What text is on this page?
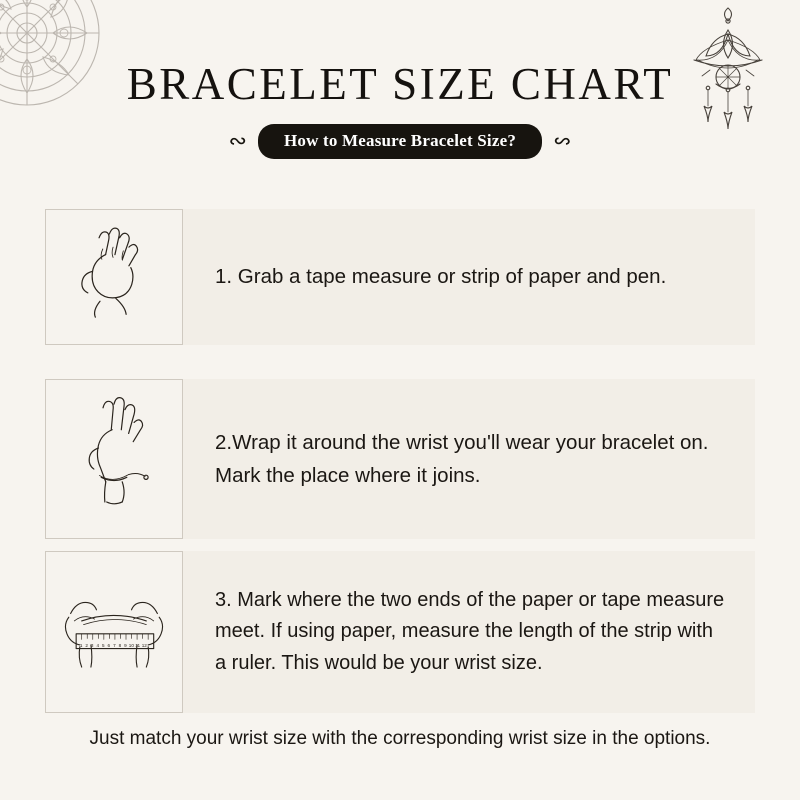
BRACELET SIZE CHART
∾	How to Measure Bracelet Size?	∾
1. Grab a tape measure or strip of paper and pen.
2.Wrap it around the wrist you'll wear your bracelet on. Mark the place where it joins.
1 2 3 4 5 6 7 8 9 10 11 12
3. Mark where the two ends of the paper or tape measure meet. If using paper, measure the length of the strip with a ruler. This would be your wrist size.
Just match your wrist size with the corresponding wrist size in the options.
